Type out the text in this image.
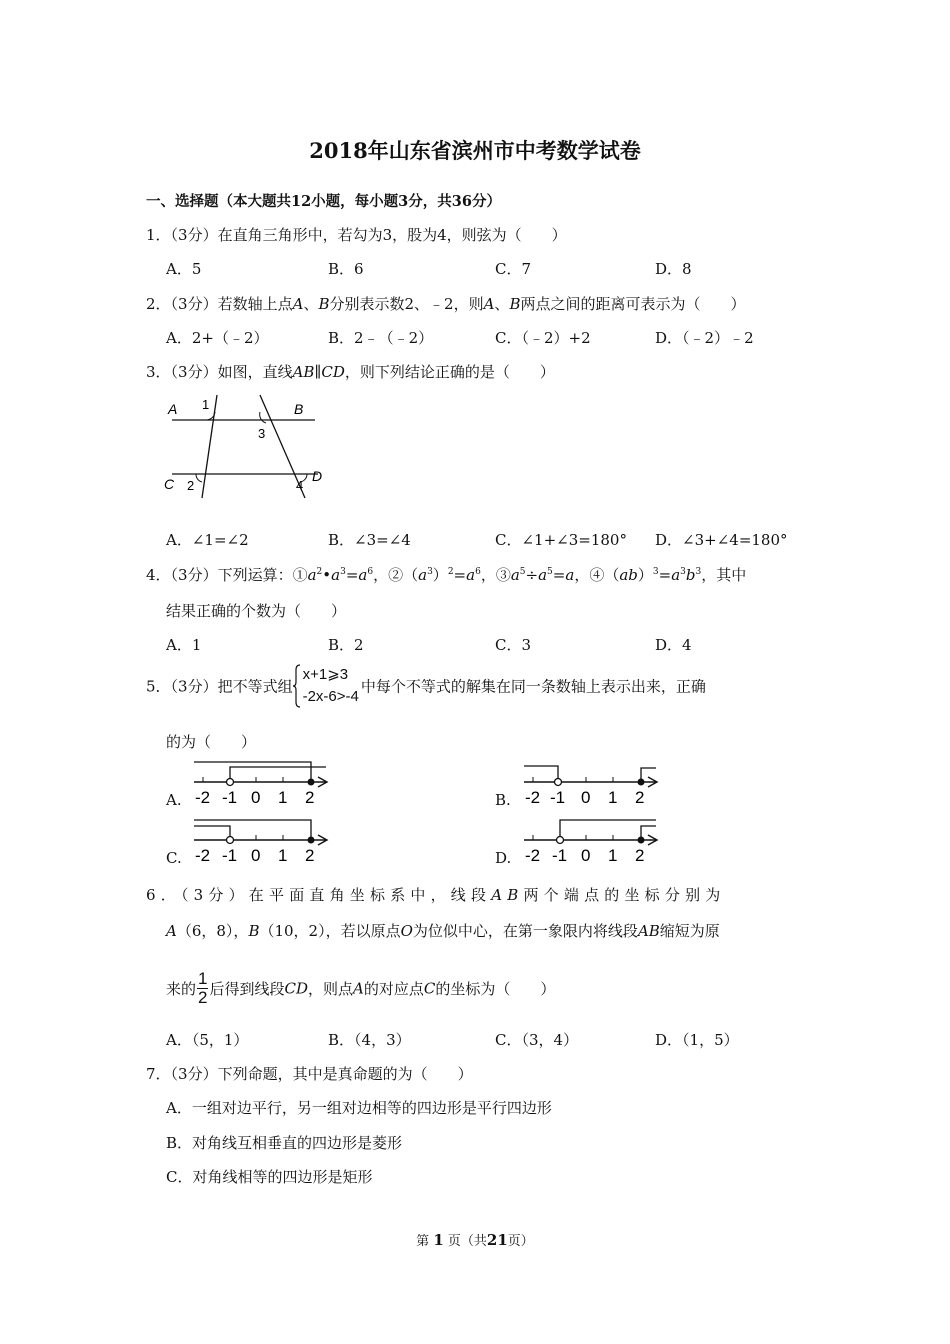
2018年山东省滨州市中考数学试卷
一、选择题（本大题共12小题，每小题3分，共36分）
1．（3分）在直角三角形中，若勾为3，股为4，则弦为（　　）
A．5	B．6	C．7	D．8
2．（3分）若数轴上点A、B分别表示数2、﹣2，则A、B两点之间的距离可表示为（　　）
A．2+（﹣2）	B．2﹣（﹣2）	C．（﹣2）+2	D．（﹣2）﹣2
3．（3分）如图，直线AB∥CD，则下列结论正确的是（　　）
A	B
C	D
1
3
2	4
A．∠1=∠2	B．∠3=∠4	C．∠1+∠3=180° D．∠3+∠4=180°
4．（3分）下列运算：$①a^2•a^3=a^6$，$②(a^3)^2=a^6$，$③a^5\div a^5=a$，$④(ab)^3=a^3b^3$，其中
结果正确的个数为（　　）
A．1	B．2	C．3	D．4
5．（3分）把不等式组
x+1⩾3
-2x-6>-4
中每个不等式的解集在同一条数轴上表示出来，正确
的为（　　）
A. -2 -1 0 1 2	B. -2 -1 0 1 2
C. -2 -1 0 1 2	D. -2 -1 0 1 2
6．（3分）在平面直角坐标系中，线段AB两个端点的坐标分别为
A（6，8），B（10，2），若以原点O为位似中心，在第一象限内将线段AB缩短为原
来的 $\frac{1}{2}$ 后得到线段CD，则点A的对应点C的坐标为（　　）
A．（5，1）	B．（4，3）	C．（3，4）	D．（1，5）
7．（3分）下列命题，其中是真命题的为（　　）
A．一组对边平行，另一组对边相等的四边形是平行四边形
B．对角线互相垂直的四边形是菱形
C．对角线相等的四边形是矩形
第 1 页（共21页）
